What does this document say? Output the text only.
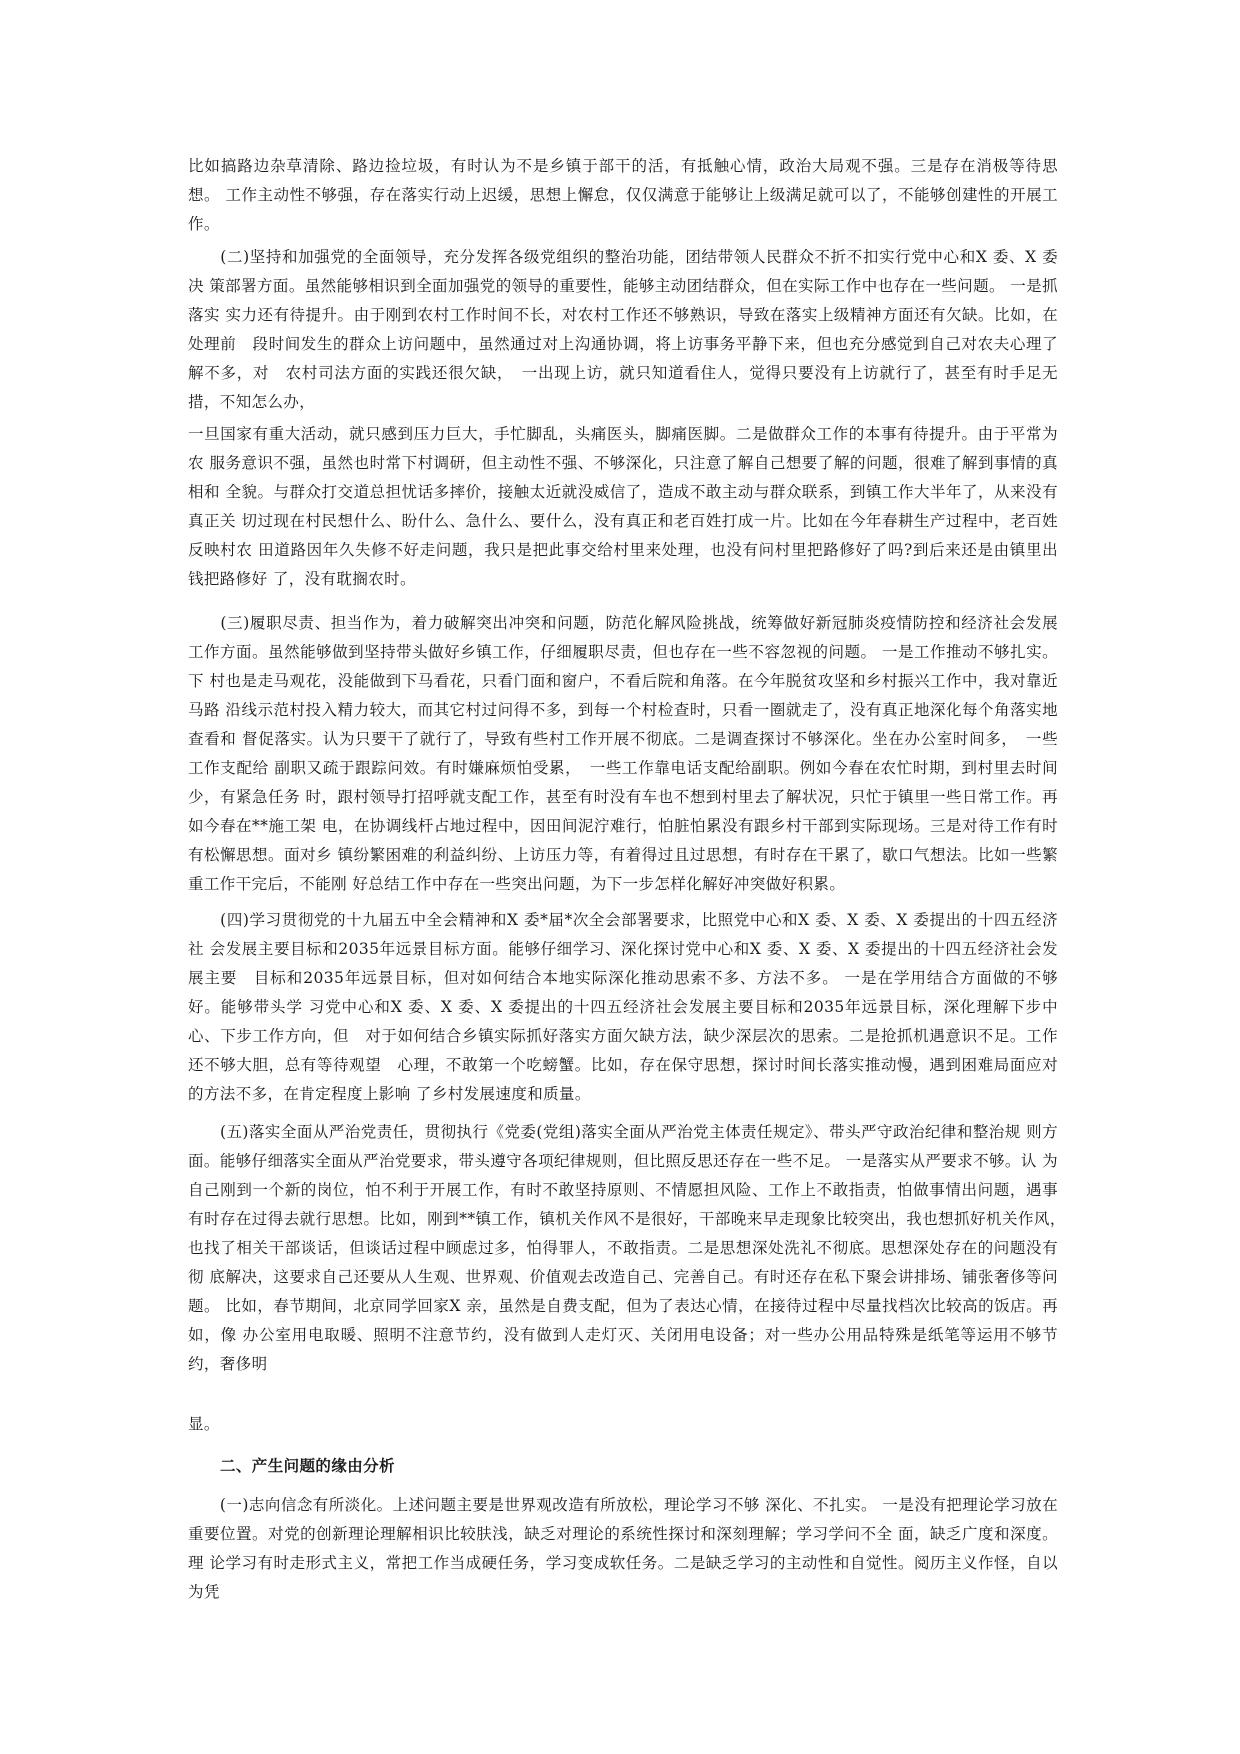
比如搞路边杂草清除、路边捡垃圾，有时认为不是乡镇于部干的活，有抵触心情，政治大局观不强。三是存在消极等待思想。 工作主动性不够强，存在落实行动上迟缓，思想上懈怠，仅仅满意于能够让上级满足就可以了，不能够创建性的开展工作。

　　(二)坚持和加强党的全面领导，充分发挥各级党组织的整治功能，团结带领人民群众不折不扣实行党中心和X 委、X 委决 策部署方面。虽然能够相识到全面加强党的领导的重要性，能够主动团结群众，但在实际工作中也存在一些问题。 一是抓落实 实力还有待提升。由于刚到农村工作时间不长，对农村工作还不够熟识，导致在落实上级精神方面还有欠缺。比如，在处理前　段时间发生的群众上访问题中，虽然通过对上沟通协调，将上访事务平静下来，但也充分感觉到自己对农夫心理了解不多，对　农村司法方面的实践还很欠缺，　一出现上访，就只知道看住人，觉得只要没有上访就行了，甚至有时手足无措，不知怎么办，

一旦国家有重大活动，就只感到压力巨大，手忙脚乱，头痛医头，脚痛医脚。二是做群众工作的本事有待提升。由于平常为农 服务意识不强，虽然也时常下村调研，但主动性不强、不够深化，只注意了解自己想要了解的问题，很难了解到事情的真相和 全貌。与群众打交道总担忧话多摔价，接触太近就没威信了，造成不敢主动与群众联系，到镇工作大半年了，从来没有真正关 切过现在村民想什么、盼什么、急什么、要什么，没有真正和老百姓打成一片。比如在今年春耕生产过程中，老百姓反映村农 田道路因年久失修不好走问题，我只是把此事交给村里来处理，也没有问村里把路修好了吗?到后来还是由镇里出钱把路修好 了，没有耽搁农时。

　　(三)履职尽责、担当作为，着力破解突出冲突和问题，防范化解风险挑战，统筹做好新冠肺炎疫情防控和经济社会发展 工作方面。虽然能够做到坚持带头做好乡镇工作，仔细履职尽责，但也存在一些不容忽视的问题。 一是工作推动不够扎实。下 村也是走马观花，没能做到下马看花，只看门面和窗户，不看后院和角落。在今年脱贫攻坚和乡村振兴工作中，我对靠近马路 沿线示范村投入精力较大，而其它村过问得不多，到每一个村检查时，只看一圈就走了，没有真正地深化每个角落实地查看和 督促落实。认为只要干了就行了，导致有些村工作开展不彻底。二是调查探讨不够深化。坐在办公室时间多，　一些工作支配给 副职又疏于跟踪问效。有时嫌麻烦怕受累，　一些工作靠电话支配给副职。例如今春在农忙时期，到村里去时间少，有紧急任务 时，跟村领导打招呼就支配工作，甚至有时没有车也不想到村里去了解状况，只忙于镇里一些日常工作。再如今春在**施工架 电，在协调线杆占地过程中，因田间泥泞难行，怕脏怕累没有跟乡村干部到实际现场。三是对待工作有时有松懈思想。面对乡 镇纷繁困难的利益纠纷、上访压力等，有着得过且过思想，有时存在干累了，歇口气想法。比如一些繁重工作干完后，不能刚 好总结工作中存在一些突出问题，为下一步怎样化解好冲突做好积累。

　　(四)学习贯彻党的十九届五中全会精神和X 委*届*次全会部署要求，比照党中心和X 委、X 委、X 委提出的十四五经济社 会发展主要目标和2035年远景目标方面。能够仔细学习、深化探讨党中心和X 委、X 委、X 委提出的十四五经济社会发展主要　目标和2035年远景目标，但对如何结合本地实际深化推动思索不多、方法不多。 一是在学用结合方面做的不够好。能够带头学 习党中心和X 委、X 委、X 委提出的十四五经济社会发展主要目标和2035年远景目标，深化理解下步中心、下步工作方向，但　对于如何结合乡镇实际抓好落实方面欠缺方法，缺少深层次的思索。二是抢抓机遇意识不足。工作还不够大胆，总有等待观望　心理，不敢第一个吃螃蟹。比如，存在保守思想，探讨时间长落实推动慢，遇到困难局面应对的方法不多，在肯定程度上影响 了乡村发展速度和质量。

　　(五)落实全面从严治党责任，贯彻执行《党委(党组)落实全面从严治党主体责任规定》、带头严守政治纪律和整治规 则方面。能够仔细落实全面从严治党要求，带头遵守各项纪律规则，但比照反思还存在一些不足。 一是落实从严要求不够。认 为自己刚到一个新的岗位，怕不利于开展工作，有时不敢坚持原则、不情愿担风险、工作上不敢指责，怕做事情出问题，遇事 有时存在过得去就行思想。比如，刚到**镇工作，镇机关作风不是很好，干部晚来早走现象比较突出，我也想抓好机关作风，　也找了相关干部谈话，但谈话过程中顾虑过多，怕得罪人，不敢指责。二是思想深处洗礼不彻底。思想深处存在的问题没有彻 底解决，这要求自己还要从人生观、世界观、价值观去改造自己、完善自己。有时还存在私下聚会讲排场、铺张奢侈等问题。 比如，春节期间，北京同学回家X 亲，虽然是自费支配，但为了表达心情，在接待过程中尽量找档次比较高的饭店。再如，像 办公室用电取暖、照明不注意节约，没有做到人走灯灭、关闭用电设备；对一些办公用品特殊是纸笔等运用不够节约，奢侈明

显。

二、产生问题的缘由分析

　　(一)志向信念有所淡化。上述问题主要是世界观改造有所放松，理论学习不够 深化、不扎实。 一是没有把理论学习放在 重要位置。对党的创新理论理解相识比较肤浅，缺乏对理论的系统性探讨和深刻理解；学习学问不全 面，缺乏广度和深度。理 论学习有时走形式主义，常把工作当成硬任务，学习变成软任务。二是缺乏学习的主动性和自觉性。阅历主义作怪，自以为凭
